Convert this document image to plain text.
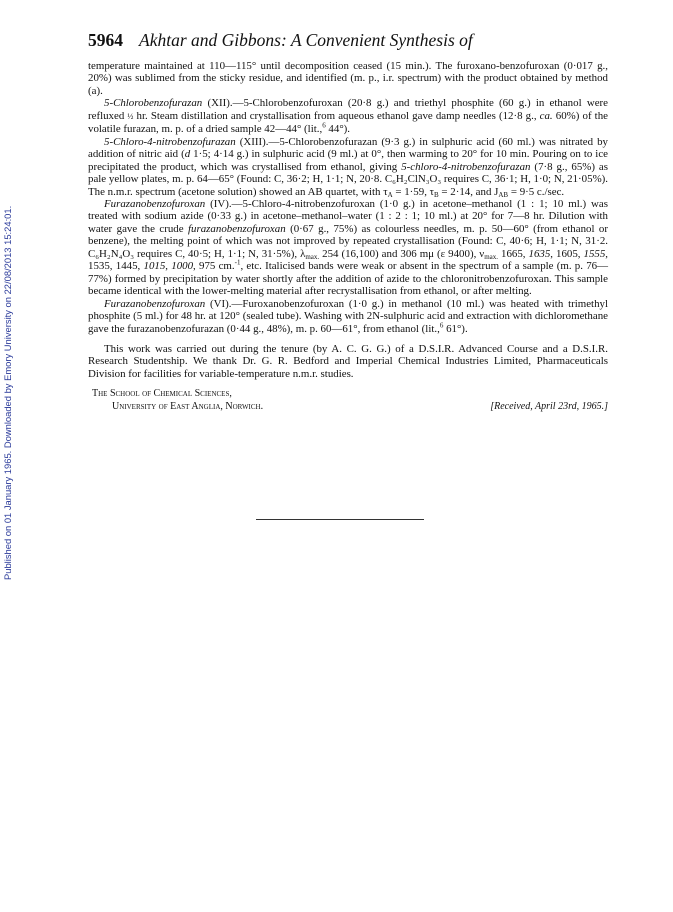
Published on 01 January 1965. Downloaded by Emory University on 22/08/2013 15:24:01.
5964 Akhtar and Gibbons: A Convenient Synthesis of

temperature maintained at 110—115° until decomposition ceased (15 min.). The furoxano-benzofuroxan (0·017 g., 20%) was sublimed from the sticky residue, and identified (m. p., i.r. spectrum) with the product obtained by method (a).

5-Chlorobenzofurazan (XII).—5-Chlorobenzofuroxan (20·8 g.) and triethyl phosphite (60 g.) in ethanol were refluxed ½ hr. Steam distillation and crystallisation from aqueous ethanol gave damp needles (12·8 g., ca. 60%) of the volatile furazan, m. p. of a dried sample 42—44° (lit.,$^6$ 44°).

5-Chloro-4-nitrobenzofurazan (XIII).—5-Chlorobenzofurazan (9·3 g.) in sulphuric acid (60 ml.) was nitrated by addition of nitric aid (d 1·5; 4·14 g.) in sulphuric acid (9 ml.) at 0°, then warming to 20° for 10 min. Pouring on to ice precipitated the product, which was crystallised from ethanol, giving 5-chloro-4-nitrobenzofurazan (7·8 g., 65%) as pale yellow plates, m. p. 64—65° (Found: C, 36·2; H, 1·1; N, 20·8. C₆H₂ClN₃O₃ requires C, 36·1; H, 1·0; N, 21·05%). The n.m.r. spectrum (acetone solution) showed an AB quartet, with $\tau_A = 1\cdot 59$, $\tau_B = 2\cdot 14$, and $J_{AB} = 9\cdot 5$ c./sec.

Furazanobenzofuroxan (IV).—5-Chloro-4-nitrobenzofuroxan (1·0 g.) in acetone–methanol (1 : 1; 10 ml.) was treated with sodium azide (0·33 g.) in acetone–methanol–water (1 : 2 : 1; 10 ml.) at 20° for 7—8 hr. Dilution with water gave the crude furazanobenzofuroxan (0·67 g., 75%) as colourless needles, m. p. 50—60° (from ethanol or benzene), the melting point of which was not improved by repeated crystallisation (Found: C, 40·6; H, 1·1; N, 31·2. C₆H₂N₄O₃ requires C, 40·5; H, 1·1; N, 31·5%), $\lambda_{max.}$ 254 (16,100) and 306 mμ (ε 9400), $\nu_{max.}$ 1665, 1635, 1605, 1555, 1535, 1445, 1015, 1000, 975 cm.$^{-1}$, etc. Italicised bands were weak or absent in the spectrum of a sample (m. p. 76—77%) formed by precipitation by water shortly after the addition of azide to the chloronitrobenzofuroxan. This sample became identical with the lower-melting material after recrystallisation from ethanol, or after melting.

Furazanobenzofuroxan (VI).—Furoxanobenzofuroxan (1·0 g.) in methanol (10 ml.) was heated with trimethyl phosphite (5 ml.) for 48 hr. at 120° (sealed tube). Washing with 2N-sulphuric acid and extraction with dichloromethane gave the furazanobenzofurazan (0·44 g., 48%), m. p. 60—61°, from ethanol (lit.,$^6$ 61°).

This work was carried out during the tenure (by A. C. G. G.) of a D.S.I.R. Advanced Course and a D.S.I.R. Research Studentship. We thank Dr. G. R. Bedford and Imperial Chemical Industries Limited, Pharmaceuticals Division for facilities for variable-temperature n.m.r. studies.

The School of Chemical Sciences,
University of East Anglia, Norwich.	[Received, April 23rd, 1965.]
